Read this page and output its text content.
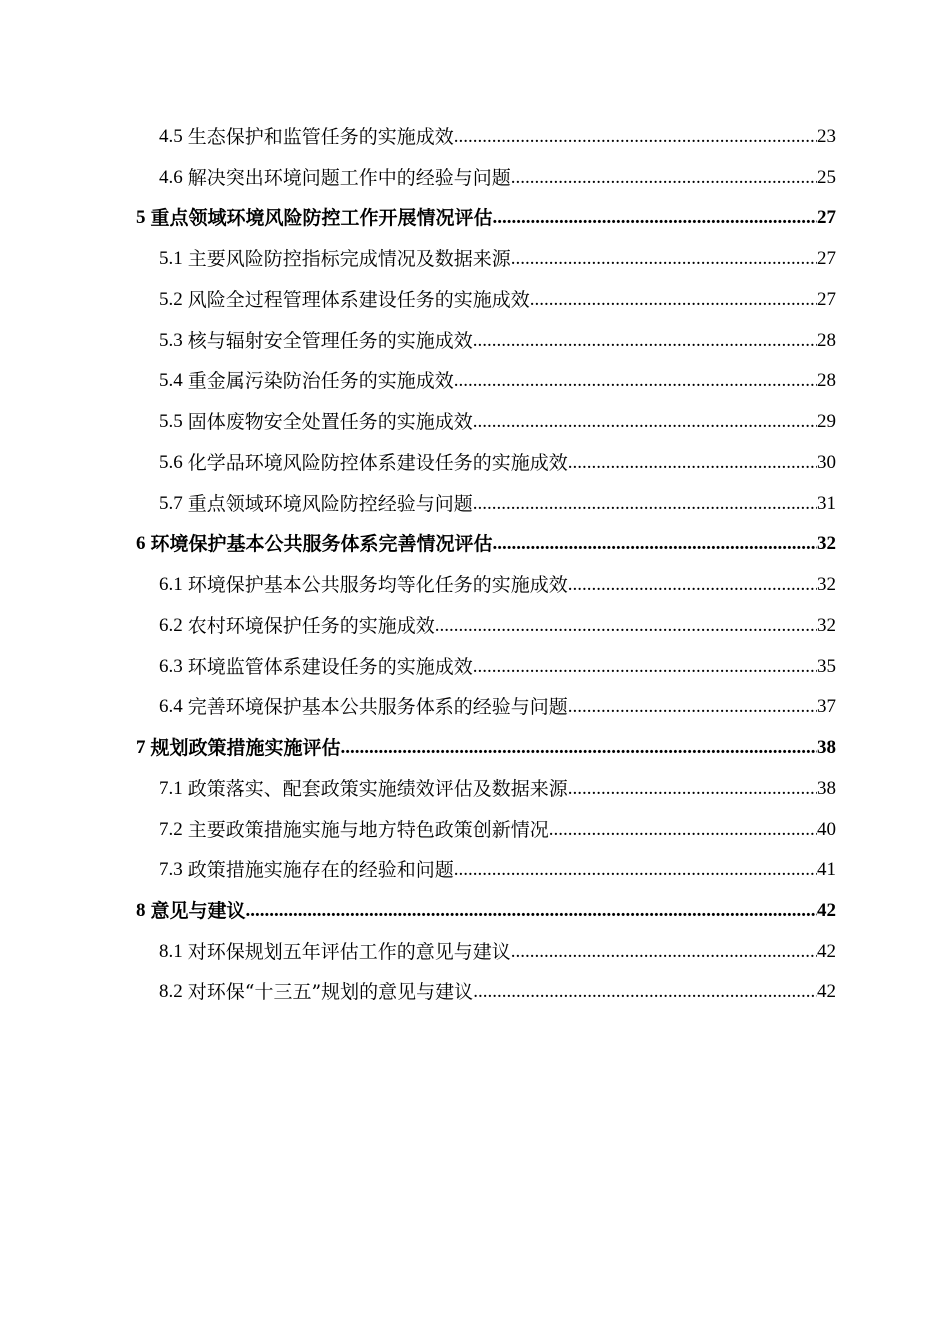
4.5 生态保护和监管任务的实施成效 .....	23
4.6 解决突出环境问题工作中的经验与问题 .....	25
5 重点领域环境风险防控工作开展情况评估 .....	27
5.1 主要风险防控指标完成情况及数据来源 .....	27
5.2 风险全过程管理体系建设任务的实施成效 .....	27
5.3 核与辐射安全管理任务的实施成效 .....	28
5.4 重金属污染防治任务的实施成效 .....	28
5.5 固体废物安全处置任务的实施成效 .....	29
5.6 化学品环境风险防控体系建设任务的实施成效 .....	30
5.7 重点领域环境风险防控经验与问题 .....	31
6 环境保护基本公共服务体系完善情况评估 .....	32
6.1 环境保护基本公共服务均等化任务的实施成效 .....	32
6.2 农村环境保护任务的实施成效 .....	32
6.3 环境监管体系建设任务的实施成效 .....	35
6.4 完善环境保护基本公共服务体系的经验与问题 .....	37
7 规划政策措施实施评估 .....	38
7.1 政策落实、配套政策实施绩效评估及数据来源 .....	38
7.2 主要政策措施实施与地方特色政策创新情况 .....	40
7.3 政策措施实施存在的经验和问题 .....	41
8 意见与建议 .....	42
8.1 对环保规划五年评估工作的意见与建议 .....	42
8.2 对环保“十三五”规划的意见与建议 .....	42
